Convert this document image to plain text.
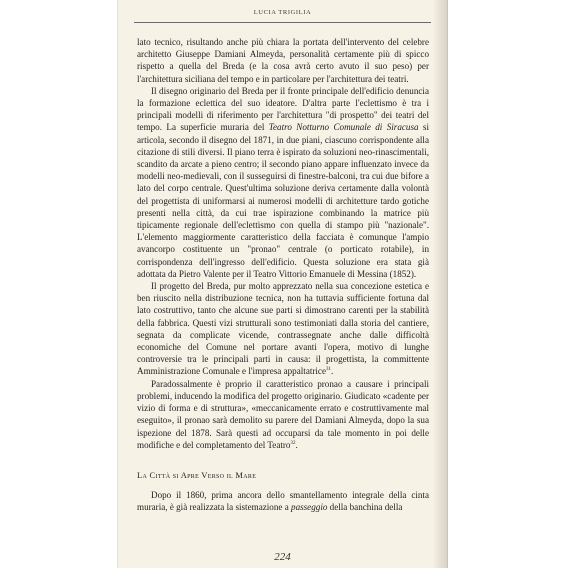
LUCIA TRIGILIA

lato tecnico, risultando anche più chiara la portata dell'intervento del celebre architetto Giuseppe Damiani Almeyda, personalità certamente più di spicco rispetto a quella del Breda (e la cosa avrà certo avuto il suo peso) per l'architettura siciliana del tempo e in particolare per l'architettura dei teatri.

Il disegno originario del Breda per il fronte principale dell'edificio denuncia la formazione eclettica del suo ideatore. D'altra parte l'eclettismo è tra i principali modelli di riferimento per l'architettura "di prospetto" dei teatri del tempo. La superficie muraria del Teatro Notturno Comunale di Siracusa si articola, secondo il disegno del 1871, in due piani, ciascuno corrispondente alla citazione di stili diversi. Il piano terra è ispirato da soluzioni neo-rinascimentali, scandito da arcate a pieno centro; il secondo piano appare influenzato invece da modelli neo-medievali, con il susseguirsi di finestre-balconi, tra cui due bifore a lato del corpo centrale. Quest'ultima soluzione deriva certamente dalla volontà del progettista di uniformarsi ai numerosi modelli di architetture tardo gotiche presenti nella città, da cui trae ispirazione combinando la matrice più tipicamente regionale dell'eclettismo con quella di stampo più "nazionale". L'elemento maggiormente caratteristico della facciata è comunque l'ampio avancorpo costituente un "pronao" centrale (o porticato rotabile), in corrispondenza dell'ingresso dell'edificio. Questa soluzione era stata già adottata da Pietro Valente per il Teatro Vittorio Emanuele di Messina (1852).

Il progetto del Breda, pur molto apprezzato nella sua concezione estetica e ben riuscito nella distribuzione tecnica, non ha tuttavia sufficiente fortuna dal lato costruttivo, tanto che alcune sue parti si dimostrano carenti per la stabilità della fabbrica. Questi vizi strutturali sono testimoniati dalla storia del cantiere, segnata da complicate vicende, contrassegnate anche dalle difficoltà economiche del Comune nel portare avanti l'opera, motivo di lunghe controversie tra le principali parti in causa: il progettista, la committente Amministrazione Comunale e l'impresa appaltatrice$^{31}$.

Paradossalmente è proprio il caratteristico pronao a causare i principali problemi, inducendo la modifica del progetto originario. Giudicato «cadente per vizio di forma e di struttura», «meccanicamente errato e costruttivamente mal eseguito», il pronao sarà demolito su parere del Damiani Almeyda, dopo la sua ispezione del 1878. Sarà questi ad occuparsi da tale momento in poi delle modifiche e del completamento del Teatro$^{32}$.

La Città si Apre Verso il Mare

Dopo il 1860, prima ancora dello smantellamento integrale della cinta muraria, è già realizzata la sistemazione a passeggio della banchina della

224
